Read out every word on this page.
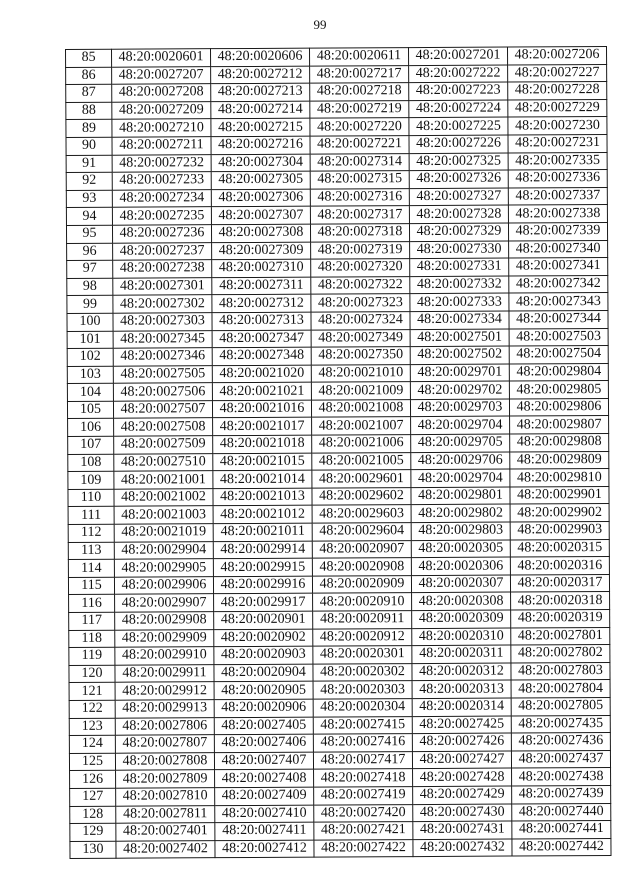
99
85	48:20:0020601	48:20:0020606	48:20:0020611	48:20:0027201	48:20:0027206
86	48:20:0027207	48:20:0027212	48:20:0027217	48:20:0027222	48:20:0027227
87	48:20:0027208	48:20:0027213	48:20:0027218	48:20:0027223	48:20:0027228
88	48:20:0027209	48:20:0027214	48:20:0027219	48:20:0027224	48:20:0027229
89	48:20:0027210	48:20:0027215	48:20:0027220	48:20:0027225	48:20:0027230
90	48:20:0027211	48:20:0027216	48:20:0027221	48:20:0027226	48:20:0027231
91	48:20:0027232	48:20:0027304	48:20:0027314	48:20:0027325	48:20:0027335
92	48:20:0027233	48:20:0027305	48:20:0027315	48:20:0027326	48:20:0027336
93	48:20:0027234	48:20:0027306	48:20:0027316	48:20:0027327	48:20:0027337
94	48:20:0027235	48:20:0027307	48:20:0027317	48:20:0027328	48:20:0027338
95	48:20:0027236	48:20:0027308	48:20:0027318	48:20:0027329	48:20:0027339
96	48:20:0027237	48:20:0027309	48:20:0027319	48:20:0027330	48:20:0027340
97	48:20:0027238	48:20:0027310	48:20:0027320	48:20:0027331	48:20:0027341
98	48:20:0027301	48:20:0027311	48:20:0027322	48:20:0027332	48:20:0027342
99	48:20:0027302	48:20:0027312	48:20:0027323	48:20:0027333	48:20:0027343
100	48:20:0027303	48:20:0027313	48:20:0027324	48:20:0027334	48:20:0027344
101	48:20:0027345	48:20:0027347	48:20:0027349	48:20:0027501	48:20:0027503
102	48:20:0027346	48:20:0027348	48:20:0027350	48:20:0027502	48:20:0027504
103	48:20:0027505	48:20:0021020	48:20:0021010	48:20:0029701	48:20:0029804
104	48:20:0027506	48:20:0021021	48:20:0021009	48:20:0029702	48:20:0029805
105	48:20:0027507	48:20:0021016	48:20:0021008	48:20:0029703	48:20:0029806
106	48:20:0027508	48:20:0021017	48:20:0021007	48:20:0029704	48:20:0029807
107	48:20:0027509	48:20:0021018	48:20:0021006	48:20:0029705	48:20:0029808
108	48:20:0027510	48:20:0021015	48:20:0021005	48:20:0029706	48:20:0029809
109	48:20:0021001	48:20:0021014	48:20:0029601	48:20:0029704	48:20:0029810
110	48:20:0021002	48:20:0021013	48:20:0029602	48:20:0029801	48:20:0029901
111	48:20:0021003	48:20:0021012	48:20:0029603	48:20:0029802	48:20:0029902
112	48:20:0021019	48:20:0021011	48:20:0029604	48:20:0029803	48:20:0029903
113	48:20:0029904	48:20:0029914	48:20:0020907	48:20:0020305	48:20:0020315
114	48:20:0029905	48:20:0029915	48:20:0020908	48:20:0020306	48:20:0020316
115	48:20:0029906	48:20:0029916	48:20:0020909	48:20:0020307	48:20:0020317
116	48:20:0029907	48:20:0029917	48:20:0020910	48:20:0020308	48:20:0020318
117	48:20:0029908	48:20:0020901	48:20:0020911	48:20:0020309	48:20:0020319
118	48:20:0029909	48:20:0020902	48:20:0020912	48:20:0020310	48:20:0027801
119	48:20:0029910	48:20:0020903	48:20:0020301	48:20:0020311	48:20:0027802
120	48:20:0029911	48:20:0020904	48:20:0020302	48:20:0020312	48:20:0027803
121	48:20:0029912	48:20:0020905	48:20:0020303	48:20:0020313	48:20:0027804
122	48:20:0029913	48:20:0020906	48:20:0020304	48:20:0020314	48:20:0027805
123	48:20:0027806	48:20:0027405	48:20:0027415	48:20:0027425	48:20:0027435
124	48:20:0027807	48:20:0027406	48:20:0027416	48:20:0027426	48:20:0027436
125	48:20:0027808	48:20:0027407	48:20:0027417	48:20:0027427	48:20:0027437
126	48:20:0027809	48:20:0027408	48:20:0027418	48:20:0027428	48:20:0027438
127	48:20:0027810	48:20:0027409	48:20:0027419	48:20:0027429	48:20:0027439
128	48:20:0027811	48:20:0027410	48:20:0027420	48:20:0027430	48:20:0027440
129	48:20:0027401	48:20:0027411	48:20:0027421	48:20:0027431	48:20:0027441
130	48:20:0027402	48:20:0027412	48:20:0027422	48:20:0027432	48:20:0027442
